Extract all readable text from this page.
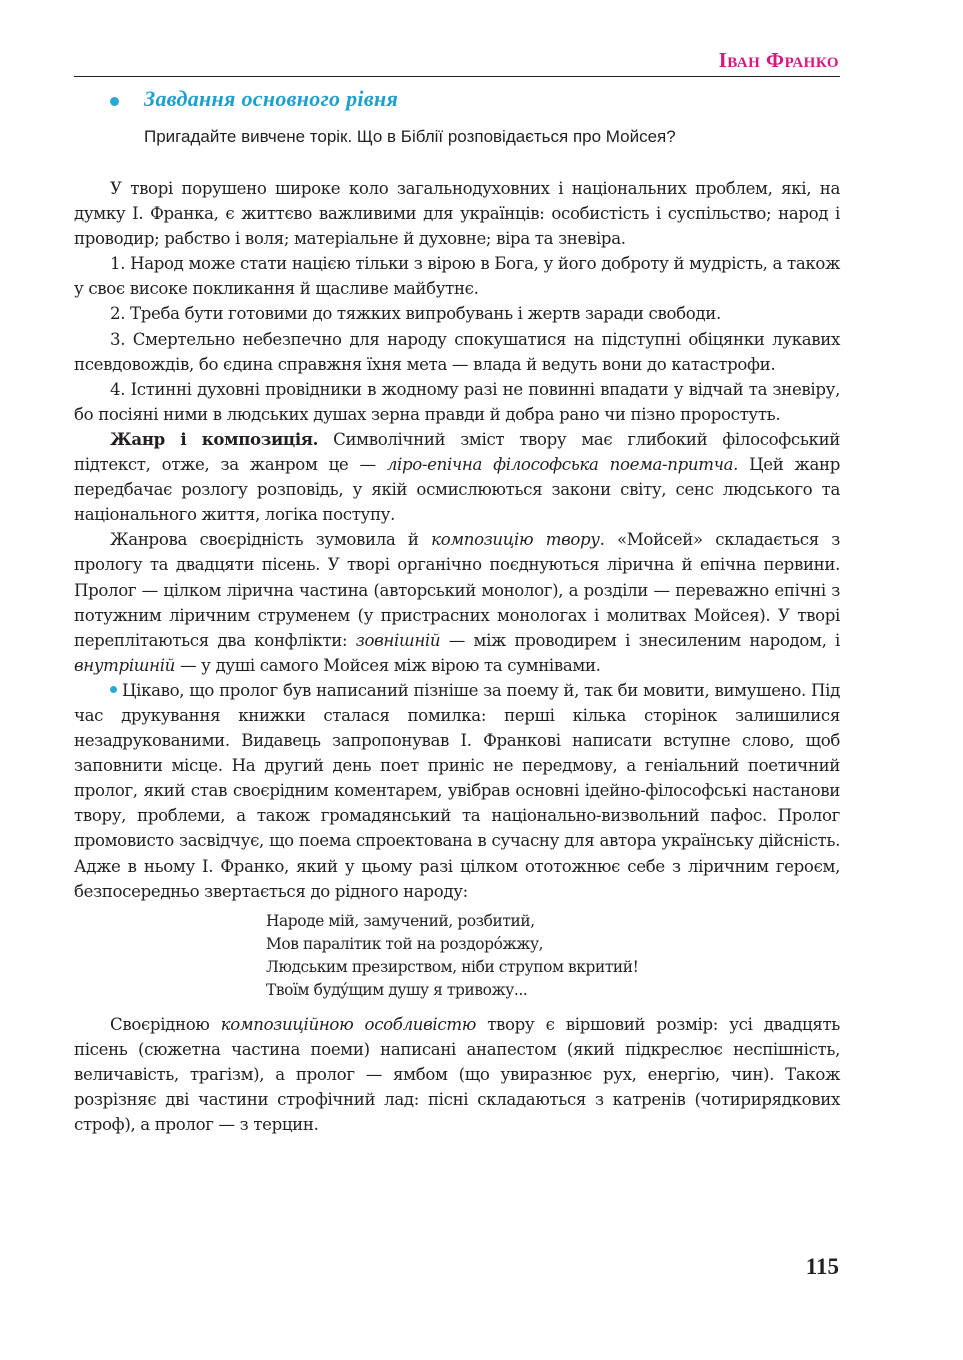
Іван Франко
Завдання основного рівня
Пригадайте вивчене торік. Що в Біблії розповідається про Мойсея?

У творі порушено широке коло загальнодуховних і національних проблем, які, на думку І. Франка, є життєво важливими для українців: особистість і суспільство; народ і проводир; рабство і воля; матеріальне й духовне; віра та зневіра.

1. Народ може стати нацією тільки з вірою в Бога, у його доброту й мудрість, а також у своє високе покликання й щасливе майбутнє.

2. Треба бути готовими до тяжких випробувань і жертв заради свободи.

3. Смертельно небезпечно для народу спокушатися на підступні обіцянки лукавих псевдовождів, бо єдина справжня їхня мета — влада й ведуть вони до катастрофи.

4. Істинні духовні провідники в жодному разі не повинні впадати у відчай та зневіру, бо посіяні ними в людських душах зерна правди й добра рано чи пізно проростуть.

Жанр і композиція. Символічний зміст твору має глибокий філософський підтекст, отже, за жанром це — ліро-епічна філософська поема-притча. Цей жанр передбачає розлогу розповідь, у якій осмислюються закони світу, сенс людського та національного життя, логіка поступу.

Жанрова своєрідність зумовила й композицію твору. «Мойсей» складається з прологу та двадцяти пісень. У творі органічно поєднуються лірична й епічна первини. Пролог — цілком лірична частина (авторський монолог), а розділи — переважно епічні з потужним ліричним струменем (у пристрасних монологах і молитвах Мойсея). У творі переплітаються два конфлікти: зовнішній — між проводирем і знесиленим народом, і внутрішній — у душі самого Мойсея між вірою та сумнівами.

Цікаво, що пролог був написаний пізніше за поему й, так би мовити, вимушено. Під час друкування книжки сталася помилка: перші кілька сторінок залишилися незадрукованими. Видавець запропонував І. Франкові написати вступне слово, щоб заповнити місце. На другий день поет приніс не передмову, а геніальний поетичний пролог, який став своєрідним коментарем, увібрав основні ідейно-філософські настанови твору, проблеми, а також громадянський та національно-визвольний пафос. Пролог промовисто засвідчує, що поема спроектована в сучасну для автора українську дійсність. Адже в ньому І. Франко, який у цьому разі цілком ототожнює себе з ліричним героєм, безпосередньо звертається до рідного народу:

Народе мій, замучений, розбитий,
Мов паралітик той на роздорóжжу,
Людським презирством, ніби струпом вкритий!
Твоїм будýщим душу я тривожу...

Своєрідною композиційною особливістю твору є віршовий розмір: усі двадцять пісень (сюжетна частина поеми) написані анапестом (який підкреслює неспішність, величавість, трагізм), а пролог — ямбом (що увиразнює рух, енергію, чин). Також розрізняє дві частини строфічний лад: пісні складаються з катренів (чотирирядкових строф), а пролог — з терцин.

115
